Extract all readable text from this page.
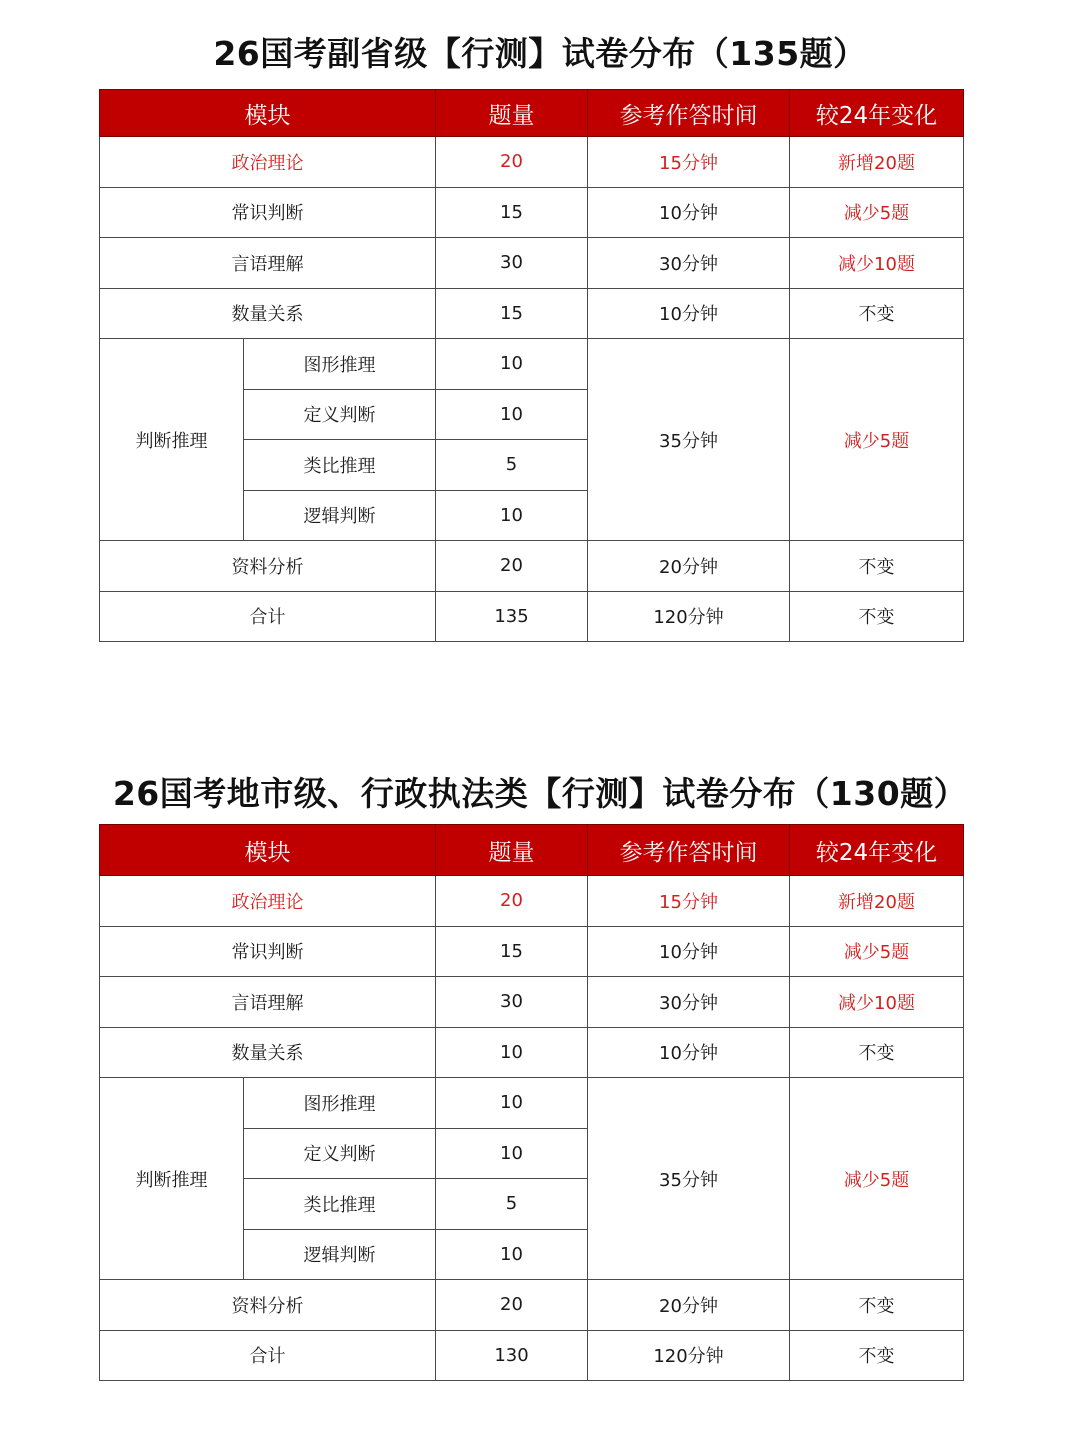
26国考副省级【行测】试卷分布（135题）
模块		题量	参考作答时间	较24年变化
政治理论		20	15分钟	新增20题
常识判断		15	10分钟	减少5题
言语理解		30	30分钟	减少10题
数量关系		15	10分钟	不变
判断推理	图形推理	10	35分钟	减少5题
	定义判断	10		
	类比推理	5		
	逻辑判断	10		
资料分析		20	20分钟	不变
合计		135	120分钟	不变
26国考地市级、行政执法类【行测】试卷分布（130题）
模块		题量	参考作答时间	较24年变化
政治理论		20	15分钟	新增20题
常识判断		15	10分钟	减少5题
言语理解		30	30分钟	减少10题
数量关系		10	10分钟	不变
判断推理	图形推理	10	35分钟	减少5题
	定义判断	10		
	类比推理	5		
	逻辑判断	10		
资料分析		20	20分钟	不变
合计		130	120分钟	不变
